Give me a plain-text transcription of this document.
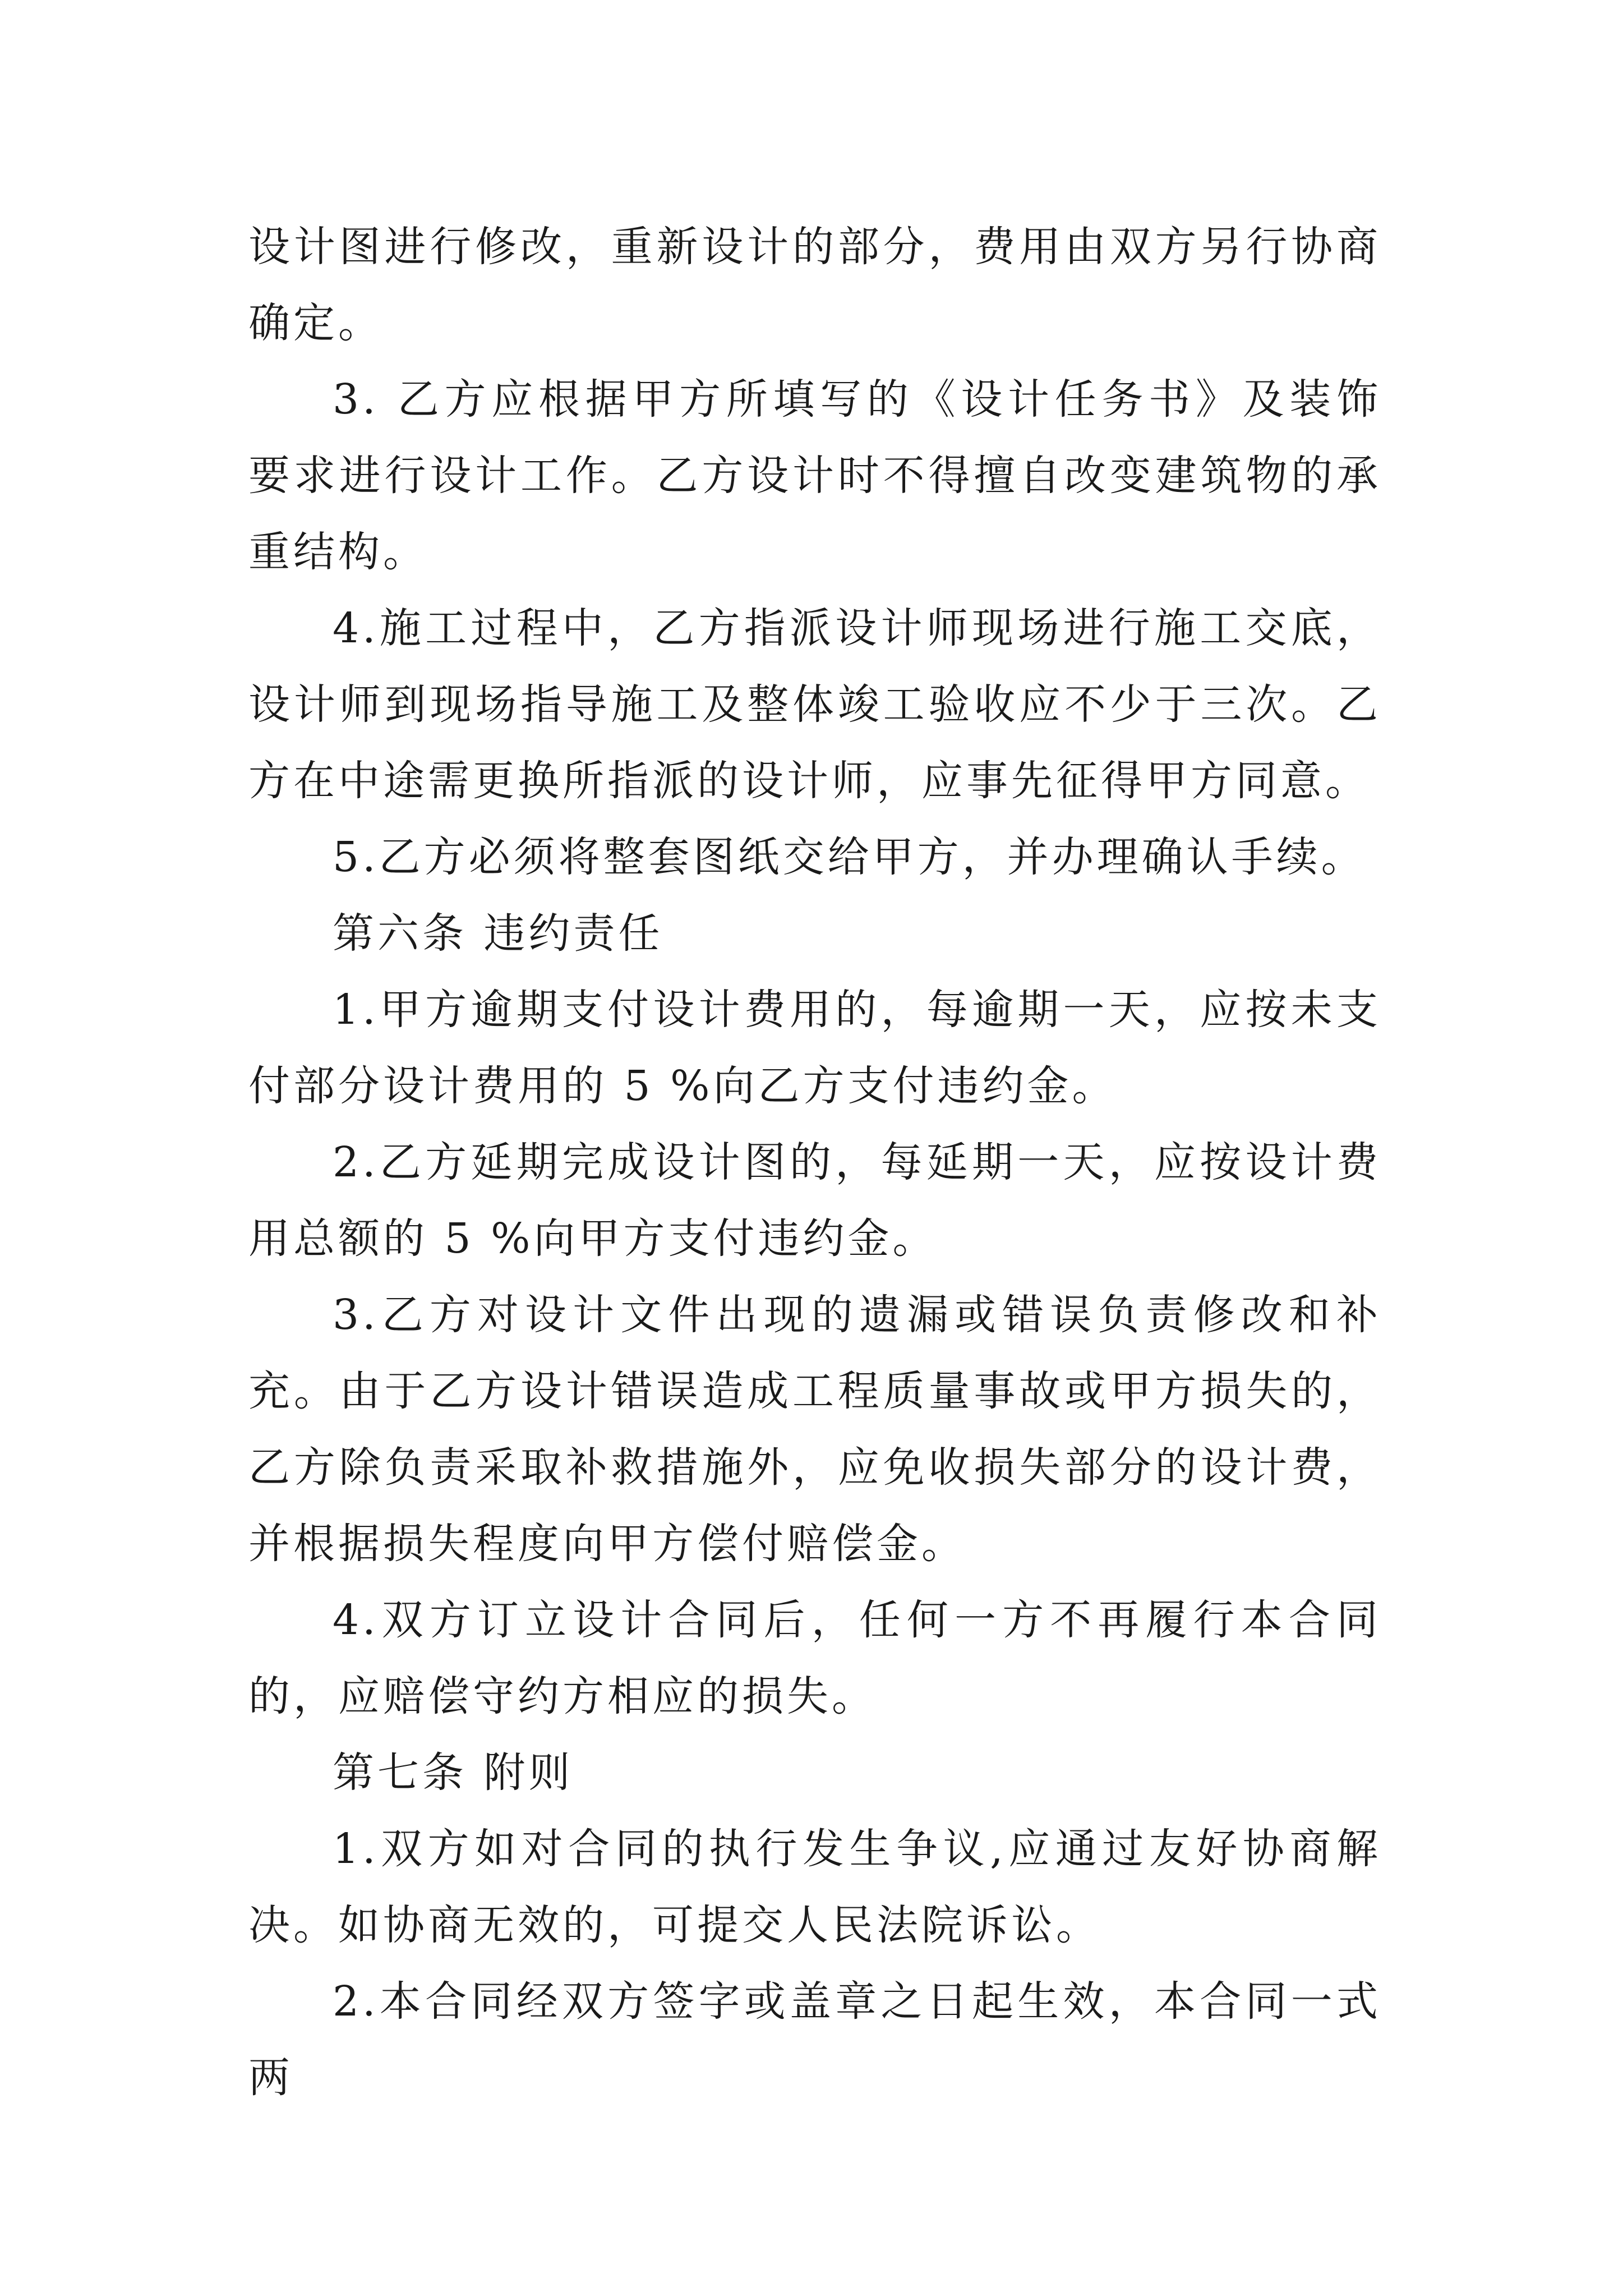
设计图进行修改，重新设计的部分，费用由双方另行协商确定。

3. 乙方应根据甲方所填写的《设计任务书》及装饰要求进行设计工作。乙方设计时不得擅自改变建筑物的承重结构。

4.施工过程中，乙方指派设计师现场进行施工交底，设计师到现场指导施工及整体竣工验收应不少于三次。乙方在中途需更换所指派的设计师，应事先征得甲方同意。

5.乙方必须将整套图纸交给甲方，并办理确认手续。

第六条 违约责任

1.甲方逾期支付设计费用的，每逾期一天，应按未支付部分设计费用的 5 %向乙方支付违约金。

2.乙方延期完成设计图的，每延期一天，应按设计费用总额的 5 %向甲方支付违约金。

3.乙方对设计文件出现的遗漏或错误负责修改和补充。由于乙方设计错误造成工程质量事故或甲方损失的，乙方除负责采取补救措施外，应免收损失部分的设计费，并根据损失程度向甲方偿付赔偿金。

4.双方订立设计合同后，任何一方不再履行本合同的，应赔偿守约方相应的损失。

第七条 附则

1.双方如对合同的执行发生争议,应通过友好协商解决。如协商无效的，可提交人民法院诉讼。

2.本合同经双方签字或盖章之日起生效，本合同一式两
